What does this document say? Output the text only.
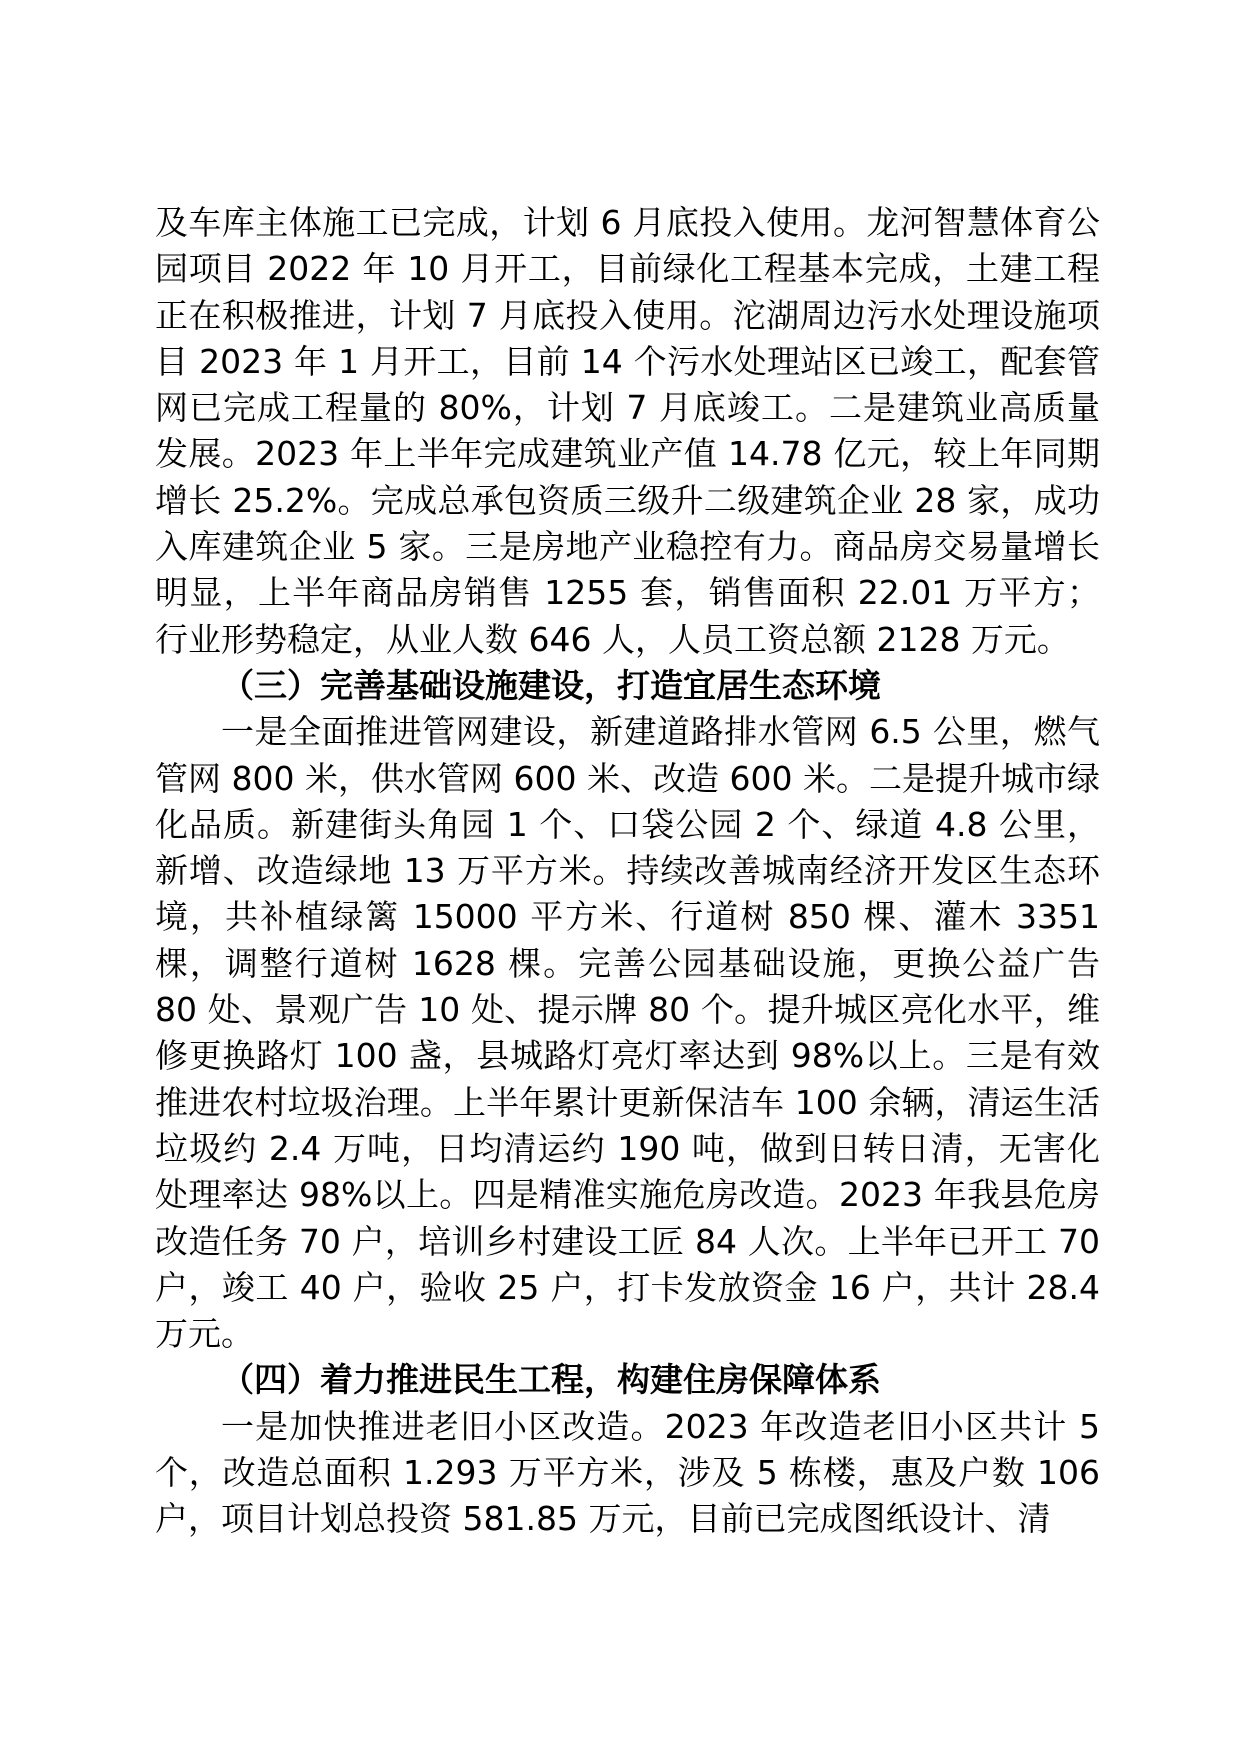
及车库主体施工已完成，计划 6 月底投入使用。龙河智慧体育公园项目 2022 年 10 月开工，目前绿化工程基本完成，土建工程正在积极推进，计划 7 月底投入使用。沱湖周边污水处理设施项目 2023 年 1 月开工，目前 14 个污水处理站区已竣工，配套管网已完成工程量的 80%，计划 7 月底竣工。二是建筑业高质量发展。2023 年上半年完成建筑业产值 14.78 亿元，较上年同期增长 25.2%。完成总承包资质三级升二级建筑企业 28 家，成功入库建筑企业 5 家。三是房地产业稳控有力。商品房交易量增长明显，上半年商品房销售 1255 套，销售面积 22.01 万平方；行业形势稳定，从业人数 646 人，人员工资总额 2128 万元。

（三）完善基础设施建设，打造宜居生态环境

一是全面推进管网建设，新建道路排水管网 6.5 公里，燃气管网 800 米，供水管网 600 米、改造 600 米。二是提升城市绿化品质。新建街头角园 1 个、口袋公园 2 个、绿道 4.8 公里，新增、改造绿地 13 万平方米。持续改善城南经济开发区生态环境，共补植绿篱 15000 平方米、行道树 850 棵、灌木 3351 棵，调整行道树 1628 棵。完善公园基础设施，更换公益广告 80 处、景观广告 10 处、提示牌 80 个。提升城区亮化水平，维修更换路灯 100 盏，县城路灯亮灯率达到 98%以上。三是有效推进农村垃圾治理。上半年累计更新保洁车 100 余辆，清运生活垃圾约 2.4 万吨，日均清运约 190 吨，做到日转日清，无害化处理率达 98%以上。四是精准实施危房改造。2023 年我县危房改造任务 70 户，培训乡村建设工匠 84 人次。上半年已开工 70 户，竣工 40 户，验收 25 户，打卡发放资金 16 户，共计 28.4 万元。

（四）着力推进民生工程，构建住房保障体系

一是加快推进老旧小区改造。2023 年改造老旧小区共计 5 个，改造总面积 1.293 万平方米，涉及 5 栋楼，惠及户数 106 户，项目计划总投资 581.85 万元，目前已完成图纸设计、清
